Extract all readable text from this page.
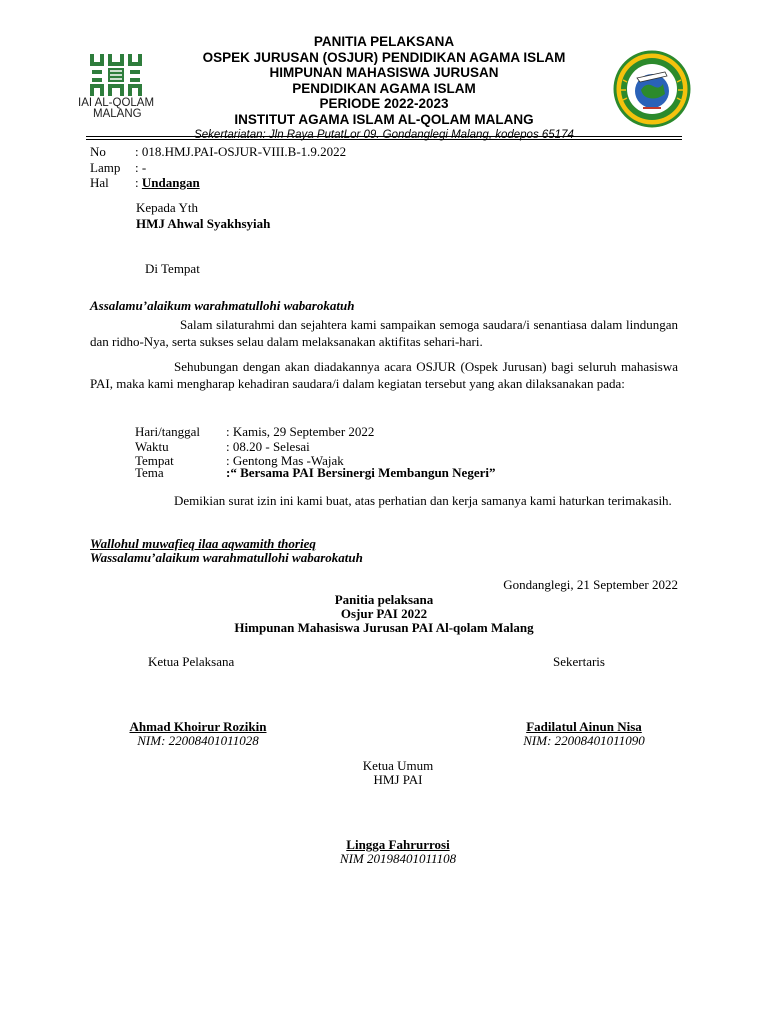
IAI AL-QOLAM
MALANG
PANITIA PELAKSANA
OSPEK JURUSAN (OSJUR) PENDIDIKAN AGAMA ISLAM
HIMPUNAN MAHASISWA JURUSAN
PENDIDIKAN AGAMA ISLAM
PERIODE 2022-2023
INSTITUT AGAMA ISLAM AL-QOLAM MALANG
Sekertariatan: Jln Raya PutatLor 09. Gondanglegi Malang, kodepos 65174
No : 018.HMJ.PAI-OSJUR-VIII.B-1.9.2022
Lamp : -
Hal : Undangan
Kepada Yth
HMJ Ahwal Syakhsyiah
Di Tempat
Assalamu’alaikum warahmatullohi wabarokatuh
Salam silaturahmi dan sejahtera kami sampaikan semoga saudara/i senantiasa dalam lindungan dan ridho-Nya, serta sukses selau dalam melaksanakan aktifitas sehari-hari.
Sehubungan dengan akan diadakannya acara OSJUR (Ospek Jurusan) bagi seluruh mahasiswa PAI, maka kami mengharap kehadiran saudara/i dalam kegiatan tersebut yang akan dilaksanakan pada:
Hari/tanggal : Kamis, 29 September 2022
Waktu	: 08.20 - Selesai
Tempat	: Gentong Mas -Wajak
Tema	:“ Bersama PAI Bersinergi Membangun Negeri”
Demikian surat izin ini kami buat, atas perhatian dan kerja samanya kami haturkan terimakasih.
Wallohul muwafieq ilaa aqwamith thorieq
Wassalamu’alaikum warahmatullohi wabarokatuh
Gondanglegi, 21 September 2022
Panitia pelaksana
Osjur PAI 2022
Himpunan Mahasiswa Jurusan PAI Al-qolam Malang
Ketua Pelaksana	Sekertaris
Ahmad Khoirur Rozikin
NIM: 22008401011028
Fadilatul Ainun Nisa
NIM: 22008401011090
Ketua Umum
HMJ PAI
Lingga Fahrurrosi
NIM 20198401011108
